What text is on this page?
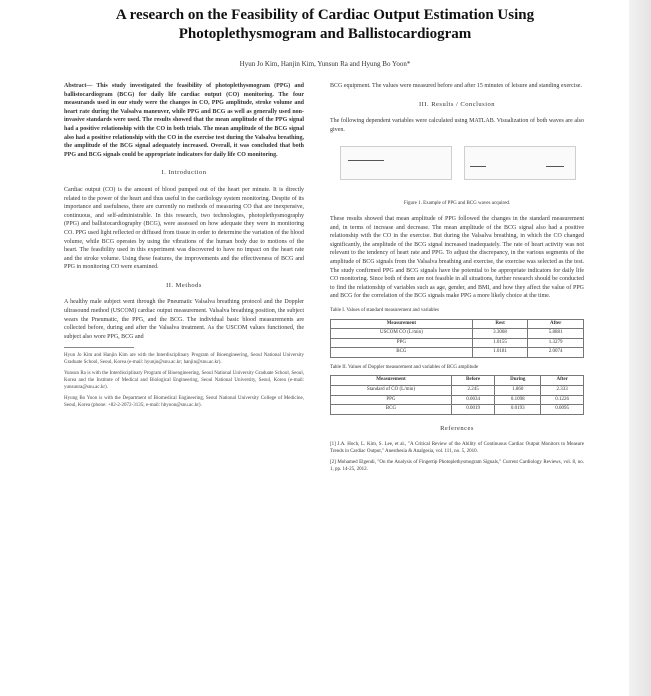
A research on the Feasibility of Cardiac Output Estimation Using Photoplethysmogram and Ballistocardiogram
Hyun Jo Kim, Hanjin Kim, Yunsun Ra and Hyung Bo Yoon*

Abstract— This study investigated the feasibility of photoplethysmogram (PPG) and ballistocardiogram (BCG) for daily life cardiac output (CO) monitoring. The four measurands used in our study were the changes in CO, PPG amplitude, stroke volume and heart rate during the Valsalva maneuver, while PPG and BCG as well as generally used non-invasive standards were used. The results showed that the mean amplitude of the PPG signal had a positive relationship with the CO in both trials. The mean amplitude of the BCG signal also had a positive relationship with the CO in the exercise test during the Valsalva breathing, the amplitude of the BCG signal adequately increased. Overall, it was concluded that both PPG and BCG signals could be appropriate indicators for daily life CO monitoring.

I. Introduction

Cardiac output (CO) is the amount of blood pumped out of the heart per minute. It is directly related to the power of the heart and thus useful in the cardiology system monitoring. Despite of its importance and usefulness, there are currently no methods of measuring CO that are inexpensive, continuous, and self-administrable. In this research, two technologies, photoplethysmography (PPG) and ballistocardiography (BCG), were assessed on how adequate they were in monitoring CO. PPG used light reflected or diffused from tissue in order to determine the variation of the blood volume, while BCG operates by using the vibrations of the human body due to motions of the heart. The feasibility used in this experiment was discovered to have no impact on the heart rate and the stroke volume. Using these features, the improvements and the effectiveness of BCG and PPG in monitoring CO were examined.

II. Methods

A healthy male subject went through the Pneumatic Valsalva breathing protocol and the Doppler ultrasound method (USCOM) cardiac output measurement. Valsalva breathing position, the subject wears the Pneumatic, the PPG, and the BCG. The individual basic blood measurements are collected before, during and after the Valsalva treatment. As the USCOM values functioned, the subject also wore PPG, BCG and

Hyun Jo Kim and Hanjin Kim are with the Interdisciplinary Program of Bioengineering, Seoul National University Graduate School, Seoul, Korea (e-mail: hyunjo@snu.ac.kr; hanjin@snu.ac.kr).

Yunsun Ra is with the Interdisciplinary Program of Bioengineering, Seoul National University Graduate School, Seoul, Korea and the Institute of Medical and Biological Engineering, Seoul National University, Seoul, Korea (e-mail: yunsunra@snu.ac.kr).

Hyung Bo Yoon is with the Department of Biomedical Engineering, Seoul National University College of Medicine, Seoul, Korea (phone: +82-2-2072-3135; e-mail: hbyoon@snu.ac.kr).

BCG equipment. The values were measured before and after 15 minutes of leisure and standing exercise.

III. Results / Conclusion

The following dependent variables were calculated using MATLAB. Visualization of both waves are also given.

Figure 1. Example of PPG and BCG waves acquired.

These results showed that mean amplitude of PPG followed the changes in the standard measurement and, in terms of increase and decrease. The mean amplitude of the BCG signal also had a positive relationship with the CO in the exercise. But during the Valsalva breathing, in which the CO changed significantly, the amplitude of the BCG signal increased inadequately. The rate of heart activity was not relevant to the tendency of heart rate and PPG. To adjust the discrepancy, in the various segments of the amplitude of BCG signals from the Valsalva breathing and exercise, the exercise was selected as the test. The study confirmed PPG and BCG signals have the potential to be appropriate indicators for daily life CO monitoring. Since both of them are not feasible in all situations, further research should be conducted to find the relationship of variables such as age, gender, and BMI, and how they affect the value of PPG and BCG for the correlation of the BCG signals make PPG a more likely choice at the time.

Table I. Values of standard measurement and variables
Measurement	Rest	After
USCOM CO (L/min)	3.3008	5.8881
PPG	1.0155	1.3279
BCG	1.0181	2.0074
Table II. Values of Doppler measurement and variables of BCG amplitude
Measurement	Before	During	After
Standard of CO (L/min)	2.245	1.860	2.333
PPG	0.0034	0.1098	0.1226
BCG	0.0019	0.0193	0.0095
References

[1] J.A. Hoch, L. Kim, S. Lee, et al., "A Critical Review of the Ability of Continuous Cardiac Output Monitors to Measure Trends in Cardiac Output," Anesthesia & Analgesia, vol. 111, no. 5, 2010.

[2] Mohamed Elgendi, "On the Analysis of Fingertip Photoplethysmogram Signals," Current Cardiology Reviews, vol. 8, no. 1, pp. 14-25, 2012.
